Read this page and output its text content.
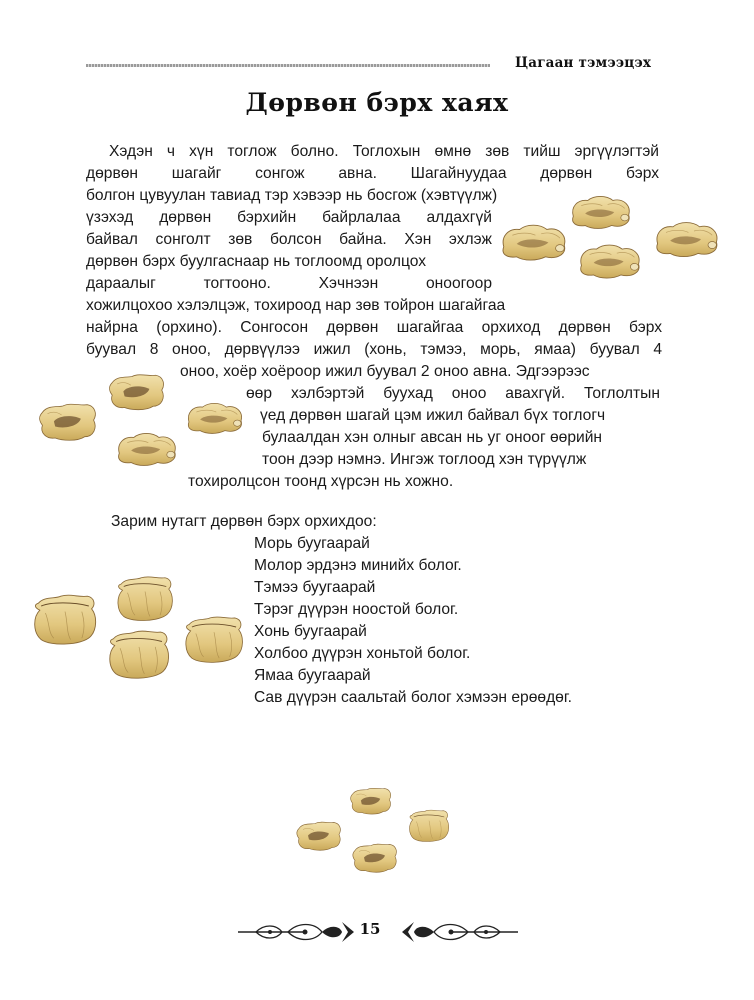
Цагаан тэмээцэх
Дөрвөн бэрх хаях
Хэдэн ч хүн тоглож болно. Тоглохын өмнө зөв тийш эргүүлэгтэй
дөрвөн шагайг сонгож авна. Шагайнуудаа дөрвөн бэрх
болгон цувуулан тавиад тэр хэвээр нь босгож (хэвтүүлж)
үзэхэд дөрвөн бэрхийн байрлалаа алдахгүй
байвал сонголт зөв болсон байна. Хэн эхлэж
дөрвөн бэрх буулгаснаар нь тоглоомд оролцох
дараалыг тогтооно. Хэчнээн оноогоор
хожилцохоо хэлэлцэж, тохироод нар зөв тойрон шагайгаа
найрна (орхино). Сонгосон дөрвөн шагайгаа орхиход дөрвөн бэрх
буувал 8 оноо, дөрвүүлээ ижил (хонь, тэмээ, морь, ямаа) буувал 4
оноо, хоёр хоёроор ижил буувал 2 оноо авна. Эдгээрээс
өөр хэлбэртэй буухад оноо авахгүй. Тоглолтын
үед дөрвөн шагай цэм ижил байвал бүх тоглогч
булаалдан хэн олныг авсан нь уг оноог өөрийн
тоон дээр нэмнэ. Ингэж тоглоод хэн түрүүлж
тохиролцсон тоонд хүрсэн нь хожно.
Зарим нутагт дөрвөн бэрх орхихдоо:
Морь буугаарай
Молор эрдэнэ минийх болог.
Тэмээ буугаарай
Тэрэг дүүрэн ноостой болог.
Хонь буугаарай
Холбоо дүүрэн хоньтой болог.
Ямаа буугаарай
Сав дүүрэн саальтай болог хэмээн ерөөдөг.
15
